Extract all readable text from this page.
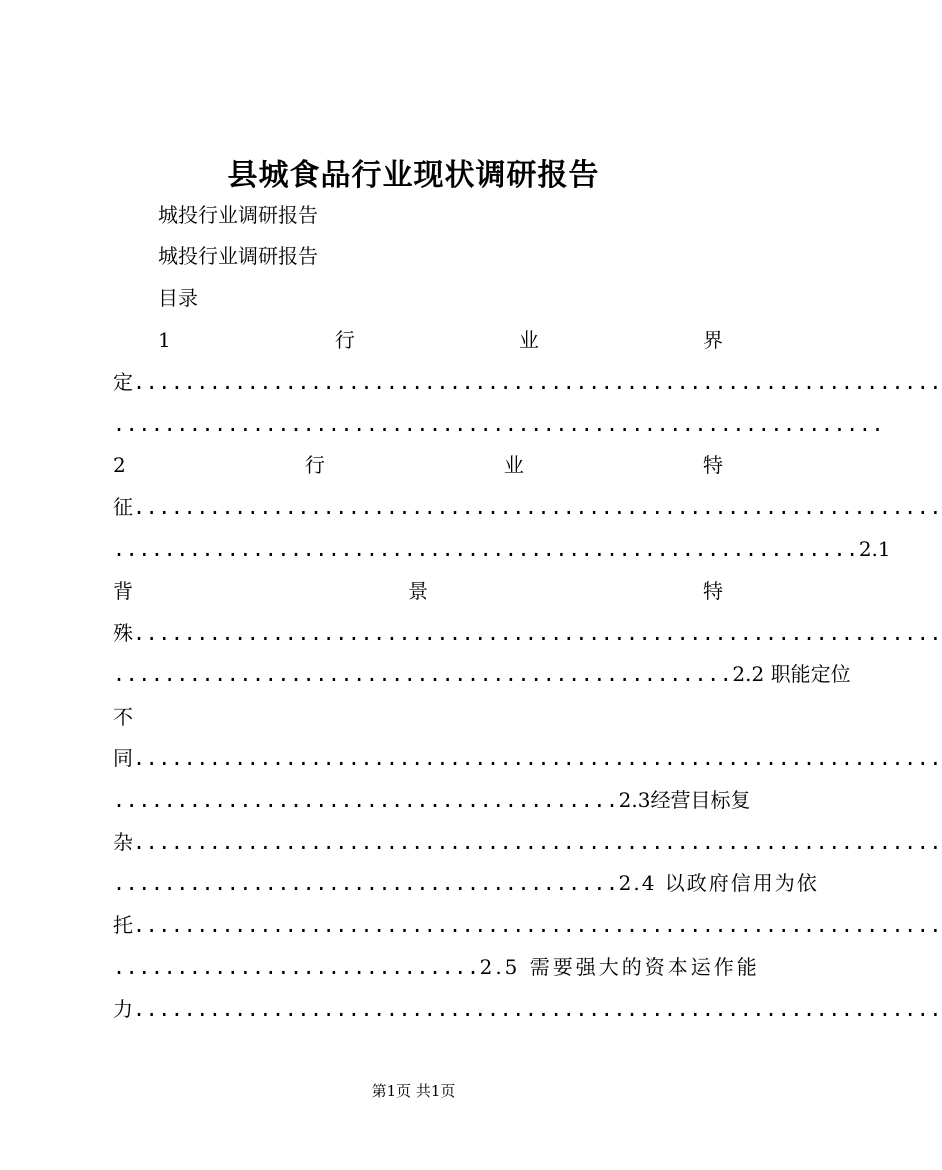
县城食品行业现状调研报告
城投行业调研报告
城投行业调研报告
目录
1	行	业	界
定................................................................
.............................................................
2	行	业	特
征................................................................
...........................................................2.1
背	景	特
殊................................................................
.................................................2.2 职能定位
不
同................................................................
........................................ 2.3 经 营 目 标 复
杂................................................................
........................................2.4 以政府信用为依
托................................................................
.............................2.5 需要强大的资本运作能
力................................................................
第1页 共1页
